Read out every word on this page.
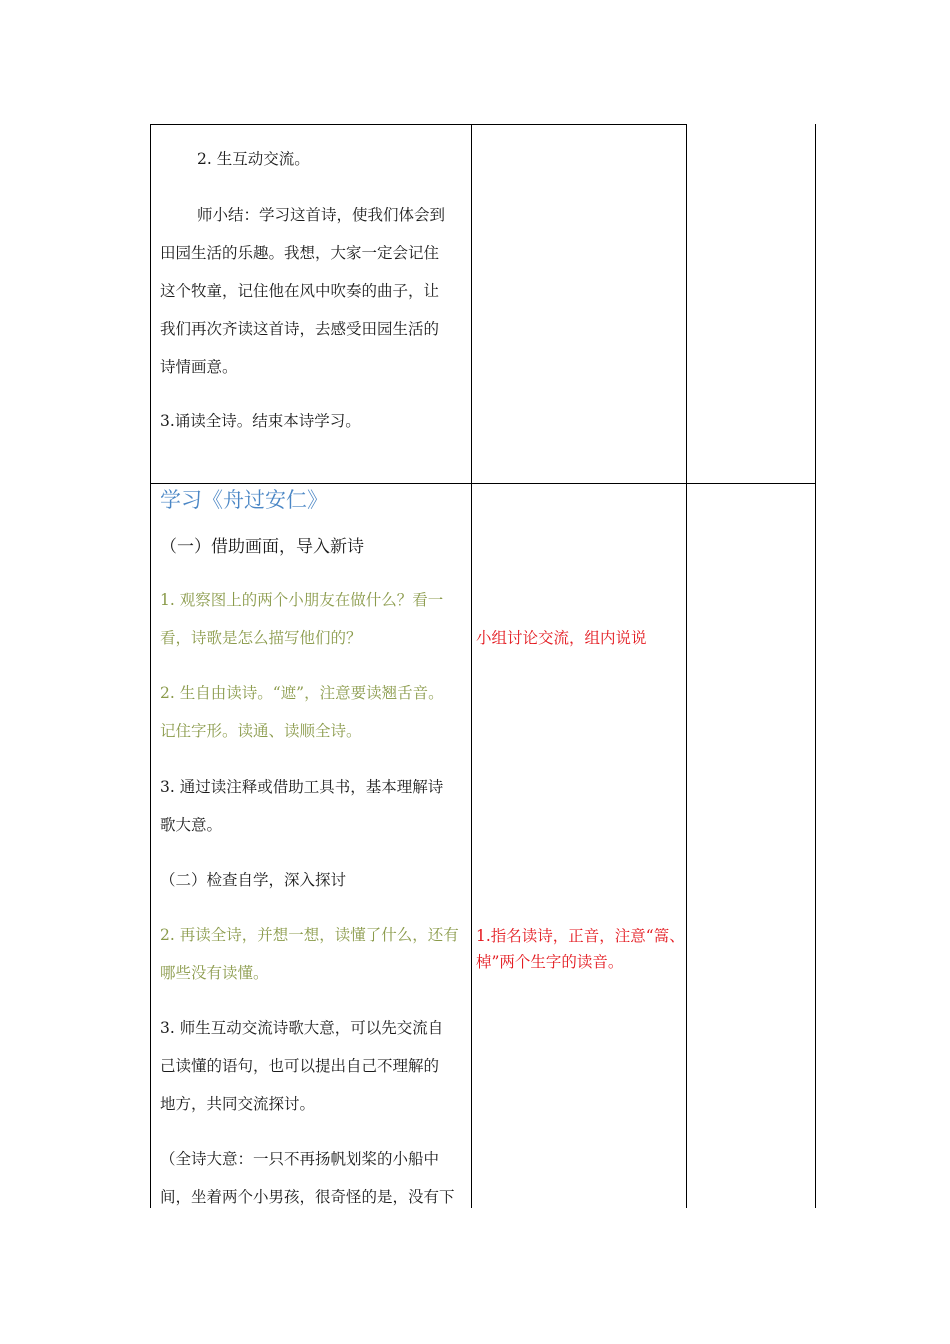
2. 生互动交流。
师小结：学习这首诗，使我们体会到
田园生活的乐趣。我想，大家一定会记住
这个牧童，记住他在风中吹奏的曲子，让
我们再次齐读这首诗，去感受田园生活的
诗情画意。
3.诵读全诗。结束本诗学习。
学习《舟过安仁》
（一）借助画面，导入新诗
1. 观察图上的两个小朋友在做什么？看一
看，诗歌是怎么描写他们的？
2. 生自由读诗。“遮”，注意要读翘舌音。
记住字形。读通、读顺全诗。
3. 通过读注释或借助工具书，基本理解诗
歌大意。
（二）检查自学，深入探讨
2. 再读全诗，并想一想，读懂了什么，还有
哪些没有读懂。
3. 师生互动交流诗歌大意，可以先交流自
己读懂的语句，也可以提出自己不理解的
地方，共同交流探讨。
（全诗大意：一只不再扬帆划桨的小船中
间，坐着两个小男孩，很奇怪的是，没有下
小组讨论交流，组内说说
1.指名读诗，正音，注意“篙、
棹”两个生字的读音。
